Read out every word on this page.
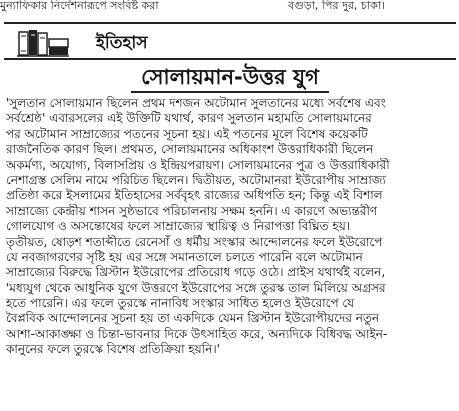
মুন্যাফিকার নির্দেশনারূপে সংবিষ্ট করা	বগুড়া, পির দুর, চাকা।
ইতিহাস
সোলায়মান-উত্তর যুগ
'সুলতান সোলায়মান ছিলেন প্রথম দশজন অটোমান সুলতানের মধ্যে সর্বশেষ এবং
সর্বশ্রেষ্ঠ' এবারসলের এই উক্তিটি যথার্থ, কারণ সুলতান মহামতি সোলায়মানের
পর অটোমান সাম্রাজ্যের পতনের সূচনা হয়। এই পতনের মূলে বিশেষ কয়েকটি
রাজনৈতিক কারণ ছিল। প্রথমত, সোলায়মানের অধিকাংশ উত্তরাধিকারী ছিলেন
অকর্মণ্য, অযোগ্য, বিলাসপ্রিয় ও ইন্দ্রিয়পরায়ণ। সোলায়মানের পুত্র ও উত্তরাধিকারী
নেশাগ্রস্ত সেলিম নামে পরিচিত ছিলেন। দ্বিতীয়ত, অটোমানরা ইউরোপীয় সাম্রাজ্য
প্রতিষ্ঠা করে ইসলামের ইতিহাসের সর্ববৃহৎ রাজ্যের অধিপতি হন; কিন্তু এই বিশাল
সাম্রাজ্যে কেন্দ্রীয় শাসন সুষ্ঠভাবে পরিচালনায় সক্ষম হননি। এ কারণে অভ্যন্তরীণ
গোলযোগ ও অসন্তোষের ফলে সাম্রাজ্যের স্থায়িত্ব ও নিরাপত্তা বিঘ্নিত হয়।
তৃতীয়ত, ষোড়শ শতাব্দীতে রেনেসাঁ ও ধর্মীয় সংস্কার আন্দোলনের ফলে ইউরোপে
যে নবজাগরণের সৃষ্টি হয় এর সঙ্গে সমানতালে চলতে পারেনি বলে অটোমান
সাম্রাজ্যের বিরুদ্ধে খ্রিস্টান ইউরোপের প্রতিরোধ গড়ে ওঠে। প্রাইস যথার্থই বলেন,
'মধ্যযুগ থেকে আধুনিক যুগে উত্তরণে ইউরোপের সঙ্গে তুরস্ক তাল মিলিয়ে অগ্রসর
হতে পারেনি। এর ফলে তুরস্কে নানাবিধ সংস্কার সাধিত হলেও ইউরোপে যে
বৈপ্লবিক আন্দোলনের সূচনা হয় তা একদিকে যেমন খ্রিস্টান ইউরোপীয়দের নতুন
আশা-আকাঙ্ক্ষা ও চিন্তা-ভাবনার দিকে উৎসাহিত করে, অন্যদিকে বিধিবদ্ধ আইন-
কানুনের ফলে তুরস্কে বিশেষ প্রতিক্রিয়া হয়নি।'
